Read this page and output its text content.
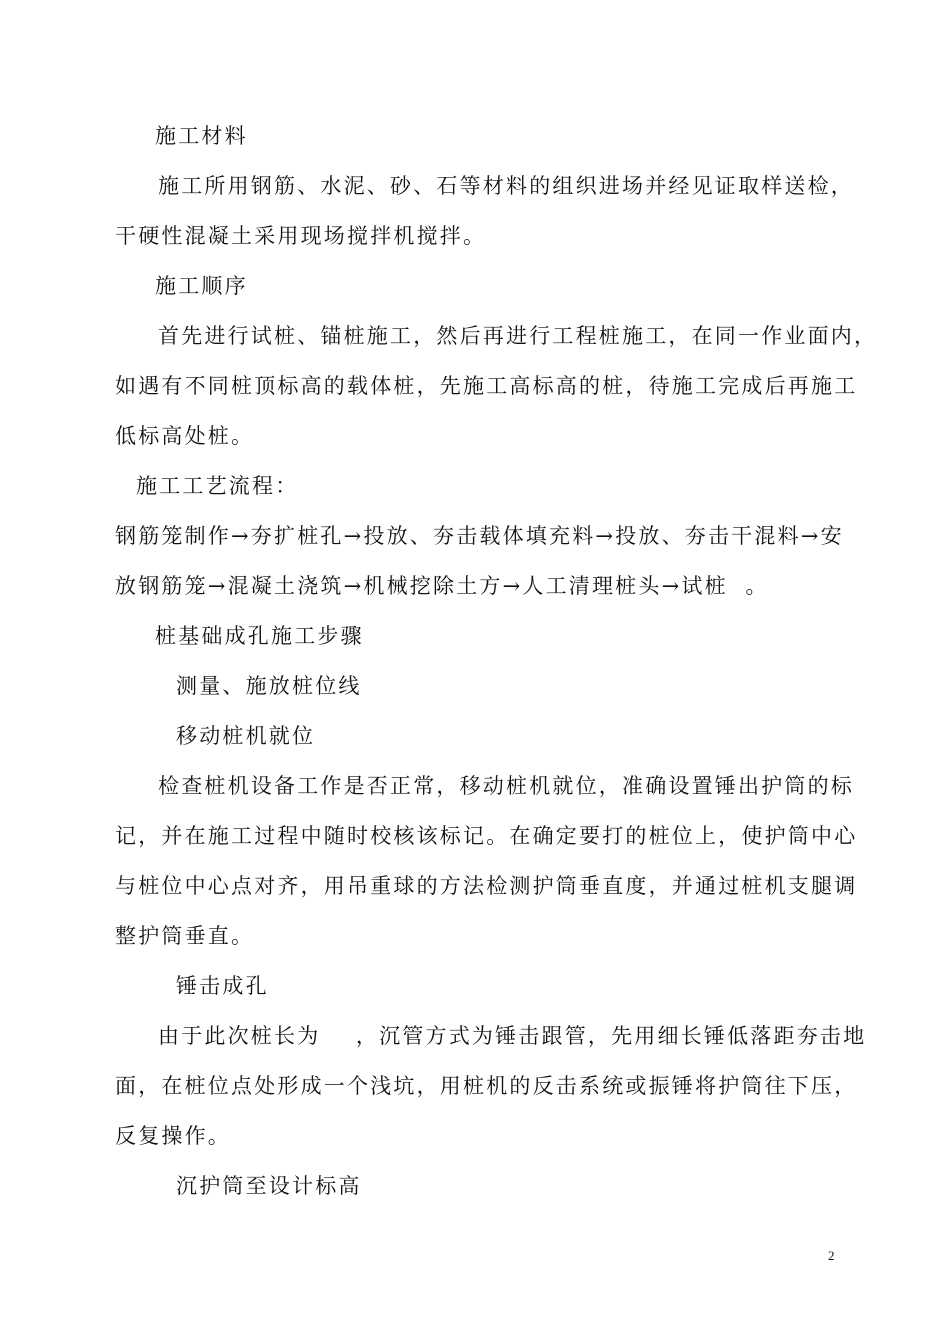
施工材料

施工所用钢筋、水泥、砂、石等材料的组织进场并经见证取样送检，

干硬性混凝土采用现场搅拌机搅拌。

施工顺序

首先进行试桩、锚桩施工，然后再进行工程桩施工，在同一作业面内，

如遇有不同桩顶标高的载体桩，先施工高标高的桩，待施工完成后再施工

低标高处桩。

施工工艺流程：

钢筋笼制作→夯扩桩孔→投放、夯击载体填充料→投放、夯击干混料→安

放钢筋笼→混凝土浇筑→机械挖除土方→人工清理桩头→试桩  。

桩基础成孔施工步骤

测量、施放桩位线

移动桩机就位

检查桩机设备工作是否正常，移动桩机就位，准确设置锤出护筒的标

记，并在施工过程中随时校核该标记。在确定要打的桩位上，使护筒中心

与桩位中心点对齐，用吊重球的方法检测护筒垂直度，并通过桩机支腿调

整护筒垂直。

锤击成孔

由于此次桩长为    ，沉管方式为锤击跟管，先用细长锤低落距夯击地

面，在桩位点处形成一个浅坑，用桩机的反击系统或振锤将护筒往下压，

反复操作。

沉护筒至设计标高

2
